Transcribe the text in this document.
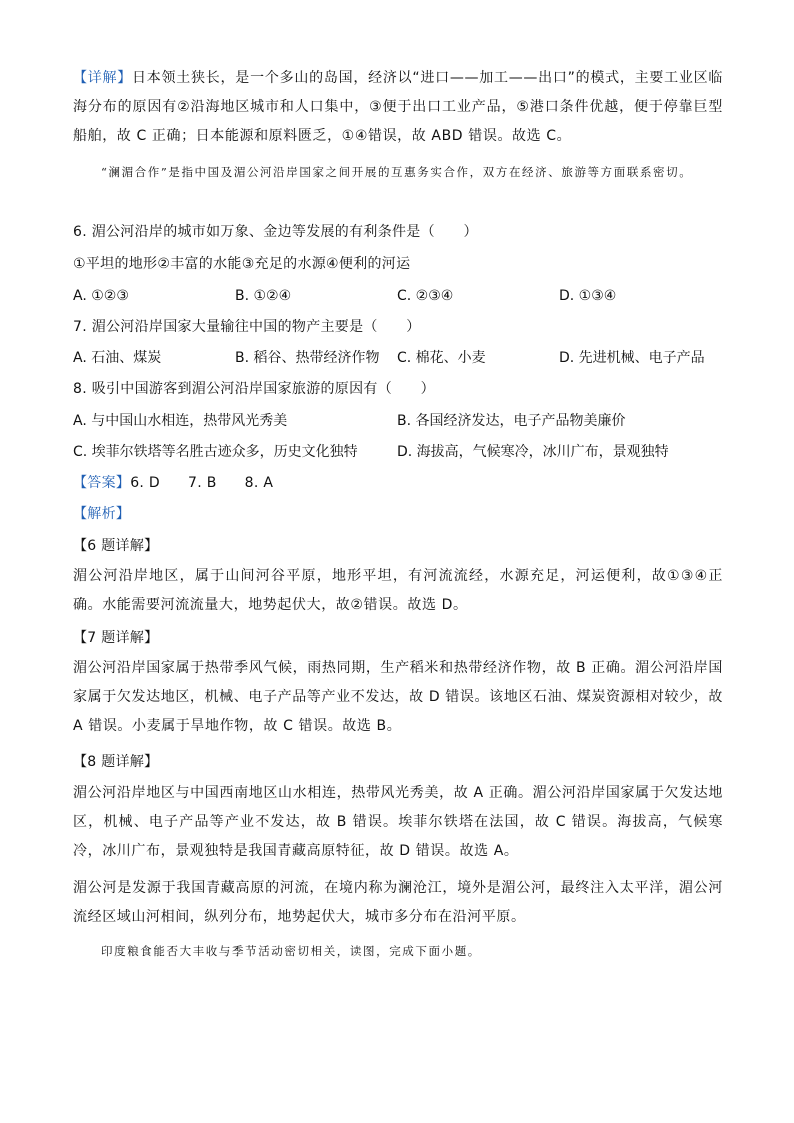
【详解】日本领土狭长，是一个多山的岛国，经济以“进口——加工——出口”的模式，主要工业区临海分布的原因有②沿海地区城市和人口集中，③便于出口工业产品，⑤港口条件优越，便于停靠巨型船舶，故 C 正确；日本能源和原料匮乏，①④错误，故 ABD 错误。故选 C。
“澜湄合作”是指中国及湄公河沿岸国家之间开展的互惠务实合作，双方在经济、旅游等方面联系密切。
6. 湄公河沿岸的城市如万象、金边等发展的有利条件是（　　）
①平坦的地形②丰富的水能③充足的水源④便利的河运
A. ①②③	B. ①②④	C. ②③④	D. ①③④
7. 湄公河沿岸国家大量输往中国的物产主要是（　　）
A. 石油、煤炭	B. 稻谷、热带经济作物 C. 棉花、小麦	D. 先进机械、电子产品
8. 吸引中国游客到湄公河沿岸国家旅游的原因有（　　）
A. 与中国山水相连，热带风光秀美	B. 各国经济发达，电子产品物美廉价
C. 埃菲尔铁塔等名胜古迹众多，历史文化独特	D. 海拔高，气候寒冷，冰川广布，景观独特
【答案】6. D 7. B 8. A
【解析】
【6 题详解】
湄公河沿岸地区，属于山间河谷平原，地形平坦，有河流流经，水源充足，河运便利，故①③④正确。水能需要河流流量大，地势起伏大，故②错误。故选 D。
【7 题详解】
湄公河沿岸国家属于热带季风气候，雨热同期，生产稻米和热带经济作物，故 B 正确。湄公河沿岸国家属于欠发达地区，机械、电子产品等产业不发达，故 D 错误。该地区石油、煤炭资源相对较少，故 A 错误。小麦属于旱地作物，故 C 错误。故选 B。
【8 题详解】
湄公河沿岸地区与中国西南地区山水相连，热带风光秀美，故 A 正确。湄公河沿岸国家属于欠发达地区，机械、电子产品等产业不发达，故 B 错误。埃菲尔铁塔在法国，故 C 错误。海拔高，气候寒冷，冰川广布，景观独特是我国青藏高原特征，故 D 错误。故选 A。
湄公河是发源于我国青藏高原的河流，在境内称为澜沧江，境外是湄公河，最终注入太平洋，湄公河流经区域山河相间，纵列分布，地势起伏大，城市多分布在沿河平原。
印度粮食能否大丰收与季节活动密切相关，读图，完成下面小题。
